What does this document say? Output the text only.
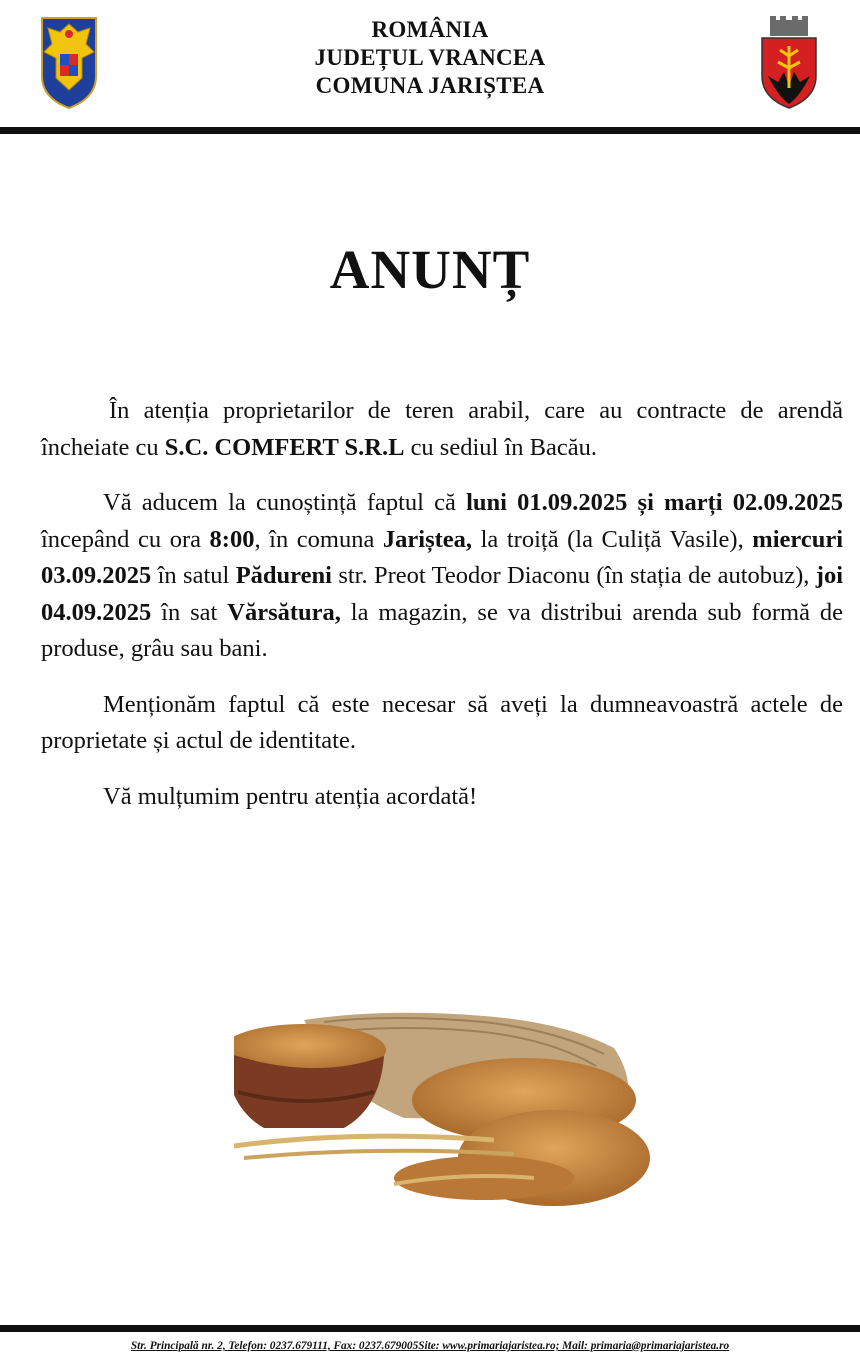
ROMÂNIA
JUDEȚUL VRANCEA
COMUNA JARIȘTEA
ANUNȚ

În atenția proprietarilor de teren arabil, care au contracte de arendă încheiate cu S.C. COMFERT S.R.L cu sediul în Bacău.

Vă aducem la cunoștință faptul că luni 01.09.2025 și marți 02.09.2025 începând cu ora 8:00, în comuna Jariștea, la troiță (la Culiță Vasile), miercuri 03.09.2025 în satul Pădureni str. Preot Teodor Diaconu (în stația de autobuz), joi 04.09.2025 în sat Vărsătura, la magazin, se va distribui arenda sub formă de produse, grâu sau bani.

Menționăm faptul că este necesar să aveți la dumneavoastră actele de proprietate și actul de identitate.

Vă mulțumim pentru atenția acordată!

Str. Principală nr. 2, Telefon: 0237.679111, Fax: 0237.679005Site: www.primariajaristea.ro; Mail: primaria@primariajaristea.ro
